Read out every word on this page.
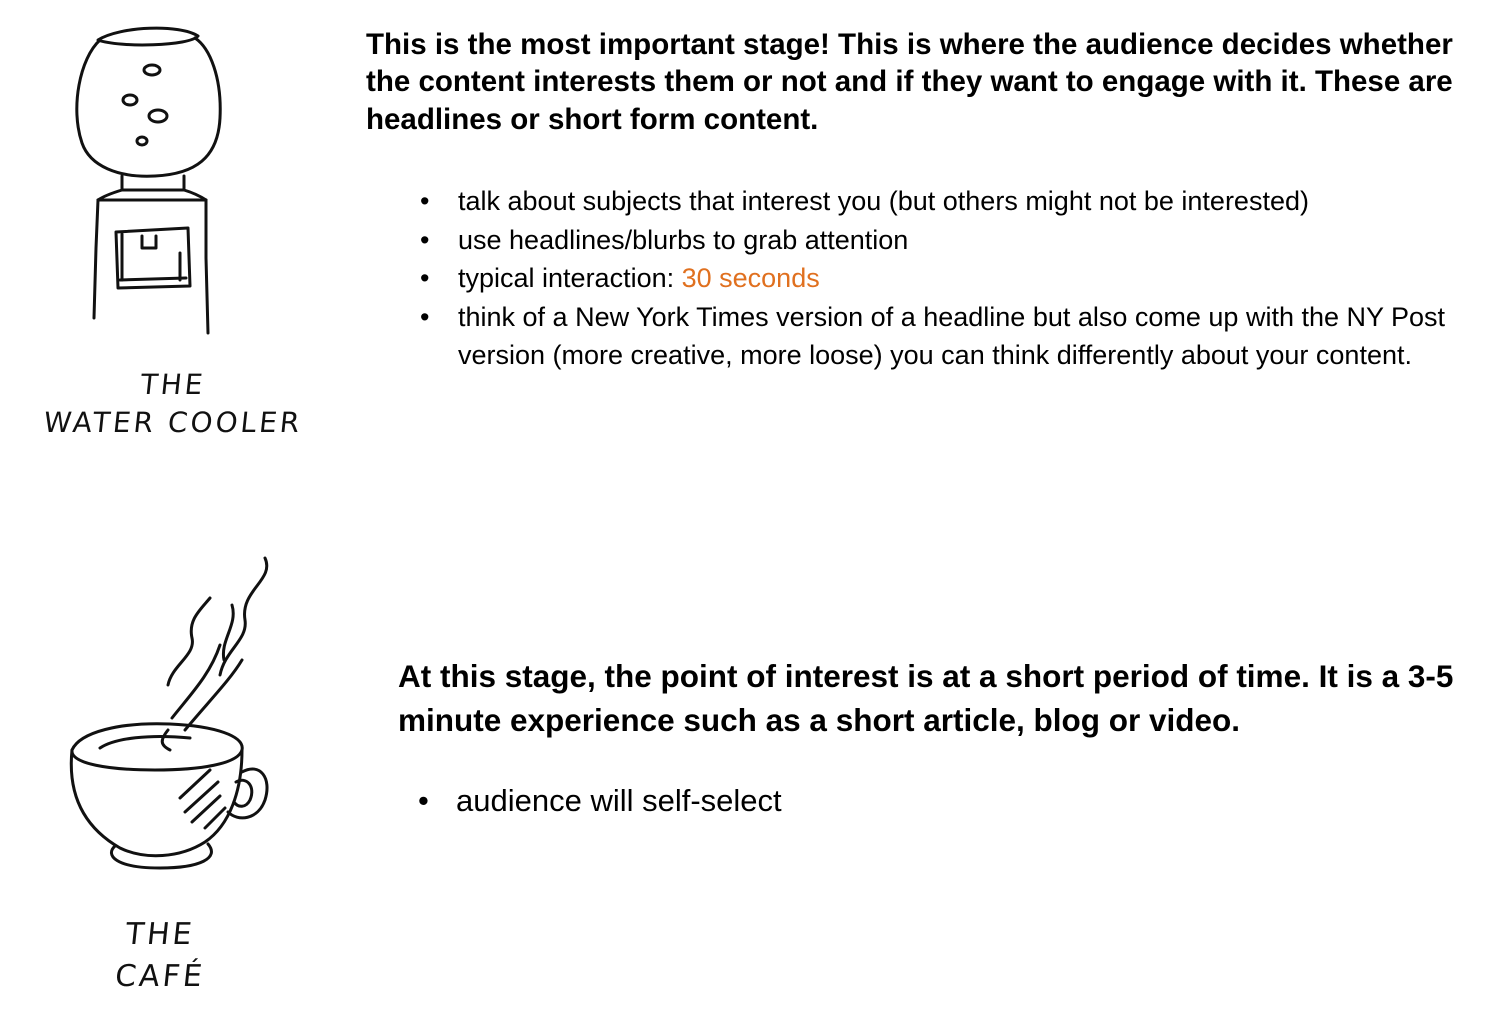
THE
WATER COOLER

This is the most important stage! This is where the audience decides whether the content interests them or not and if they want to engage with it. These are headlines or short form content.

• talk about subjects that interest you (but others might not be interested)
• use headlines/blurbs to grab attention
• typical interaction: 30 seconds
• think of a New York Times version of a headline but also come up with the NY Post version (more creative, more loose) you can think differently about your content.
THE
CAFÉ

At this stage, the point of interest is at a short period of time. It is a 3-5 minute experience such as a short article, blog or video.

• audience will self-select
